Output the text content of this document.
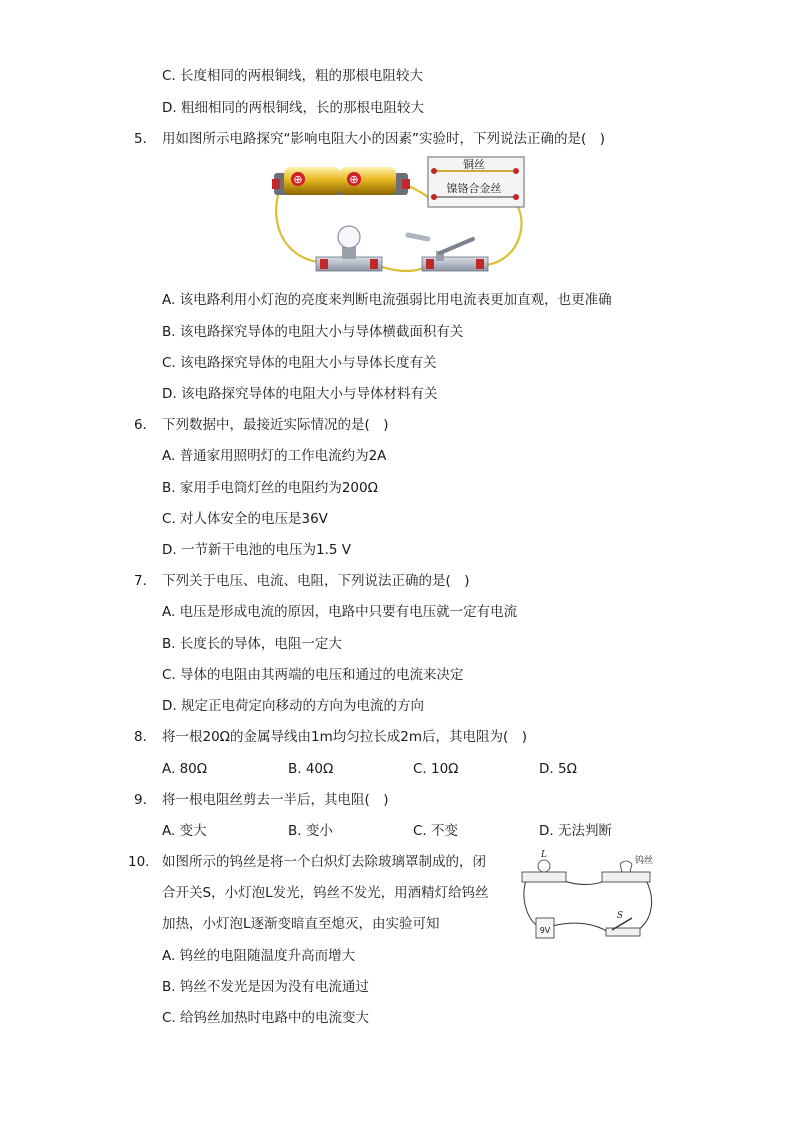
C. 长度相同的两根铜线，粗的那根电阻较大
D. 粗细相同的两根铜线，长的那根电阻较大
5. 用如图所示电路探究“影响电阻大小的因素”实验时，下列说法正确的是(　)
⊕	⊕
铜丝
镍铬合金丝
A. 该电路利用小灯泡的亮度来判断电流强弱比用电流表更加直观，也更准确
B. 该电路探究导体的电阻大小与导体横截面积有关
C. 该电路探究导体的电阻大小与导体长度有关
D. 该电路探究导体的电阻大小与导体材料有关
6. 下列数据中，最接近实际情况的是(　)
A. 普通家用照明灯的工作电流约为2A
B. 家用手电筒灯丝的电阻约为200Ω
C. 对人体安全的电压是36V
D. 一节新干电池的电压为1.5 V
7. 下列关于电压、电流、电阻，下列说法正确的是(　)
A. 电压是形成电流的原因，电路中只要有电压就一定有电流
B. 长度长的导体，电阻一定大
C. 导体的电阻由其两端的电压和通过的电流来决定
D. 规定正电荷定向移动的方向为电流的方向
8. 将一根20Ω的金属导线由1m均匀拉长成2m后，其电阻为(　)
A. 80Ω	B. 40Ω	C. 10Ω	D. 5Ω
9. 将一根电阻丝剪去一半后，其电阻(　)
A. 变大	B. 变小	C. 不变	D. 无法判断
10. 如图所示的钨丝是将一个白炽灯去除玻璃罩制成的，闭
合开关S，小灯泡L发光，钨丝不发光，用酒精灯给钨丝
加热，小灯泡L逐渐变暗直至熄灭，由实验可知
L
钨丝
9V
S
A. 钨丝的电阻随温度升高而增大
B. 钨丝不发光是因为没有电流通过
C. 给钨丝加热时电路中的电流变大
